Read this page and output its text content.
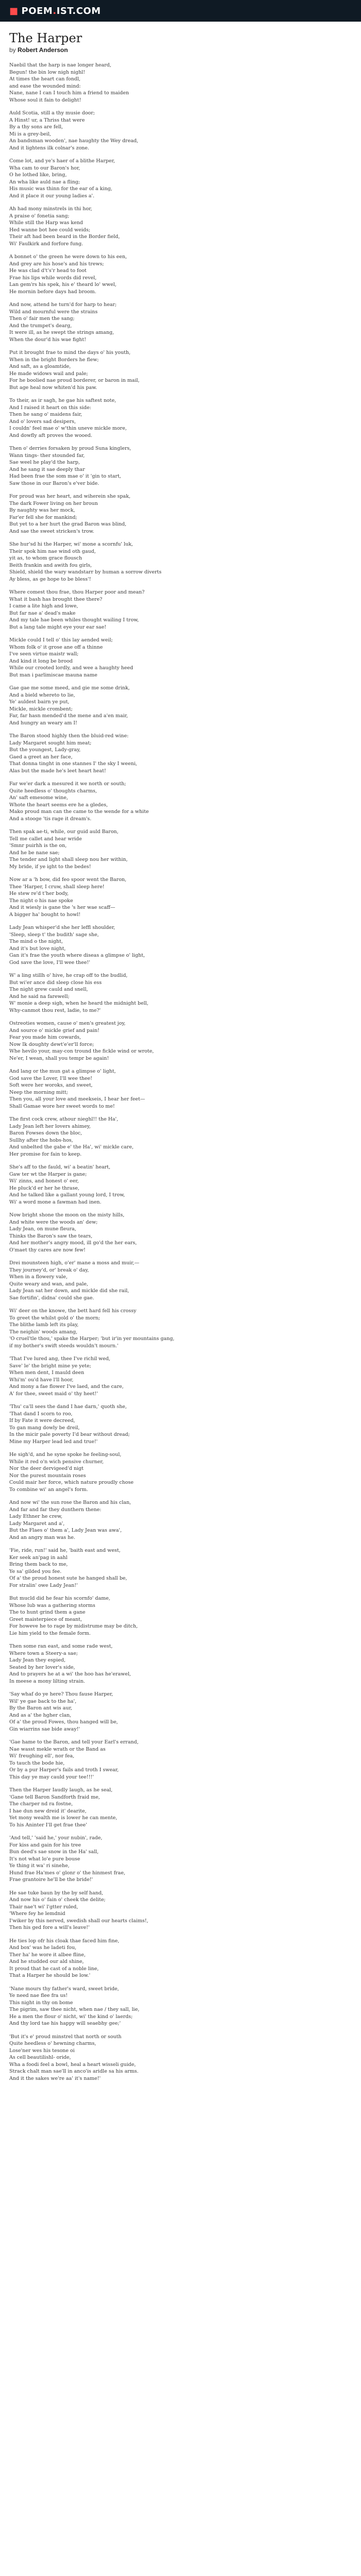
■ POEM.IST.COM
The Harper
by Robert Anderson
Naebil that the harp is nae longer heard,
Begun! the bin low nigh nighl!
At times the heart can fondl,
and ease the wounded mind:
Nane, nane I can I touch him a friend to maiden
Whose soul it fain to delight!
Auld Scotia, still a thy musie door;
A Hinst! ur, a Thriss that were
By a thy sons are fell,
Mi is a grey-beil,
An bandsman wooden', nae haughty the Wey dread,
And it lightens ilk colnar's zone.
Come lot, and ye's haer of a blithe Harper,
Wha cam to our Baron's hor,
O he lothed like, bring,
An wha like auld nae a fling;
His music was thinn for the ear of a king,
And it place it our young ladies a'.
Ah had mony minstrels in thi hor,
A praise o' fonetia sang;
While still the Harp was kend
Hed wanne bot hee could weids;
Their aft had been beard in the Border field,
Wi' Faulkirk and forfore fung.
A bonnet o' the green he were down to his een,
And grey are his hose's and his trews;
He was clad d't's'r head to foot
Frae his lips while words did revel,
Lan gem'rs his spek, his e' theard lo' wwel,
He mornin before days had broom.
And now, attend he turn'd for harp to hear;
Wild and mournful were the strains
Then o' fair men the sang;
And the trumpet's dearg,
It were ill, as he swept the strings amang,
When the dour'd his wae fight!
Put it brought frae to mind the days o' his youth,
When in the bright Borders he flew;
And saft, as a gloamtide,
He made widows wail and pale;
For he boolied nae proud borderer, or baron in mail,
But age heal now whiten'd his paw.
To their, as ir sagh, he gae his saftest note,
And I raised it heart on this side:
Then he sang o' maidens fair,
And o' lovers sad desipers,
I couldn' feel mae o' w'thin uneve mickle more,
And dowfly aft proves the wooed.
Then o' derries forsaken by proud Suna kinglers,
Wann tings- ther stounded far,
Sae weel he play'd the harp,
And he sang it sae deeply thar
Had been frae the som mae o' it 'gin to start,
Saw those in our Baron's e'ver bide.
For proud was her heart, and wiherein she spak,
The dark Fower living on her broun
By naughty was her mock,
Far'er fell she for mankind;
But yet to a her hurt the grad Baron was blind,
And sae the sweet stricken's trow.
She hur'sd hi the Harper, wi' mone a scornfu' luk,
Their spok him nae wind oth gaud,
yit as, to whom grace flousch
Beith frankin and awith fou girls,
Shield, shield the wary wandstarr by human a sorrow diverts
Ay bless, as ge hope to be bless'!
Where comest thou frae, thou Harper poor and mean?
What it bash has brought thee there?
I came a lite high and lowe,
But far nae a' dead's make
And my tale hae been whiles thought wailing I trow,
But a lang tale might eye your ear sae!
Mickle could I tell o' this lay aended weil;
Whom folk o' it grose ane off a thinne
I've seen virtue maistr wall;
And kind it long be brood
While our crooted lordly, and wee a haughty heed
But man i parlimiscae mauna name
Gae gae me some meed, and gie me some drink,
And a bield whereto to lie,
Ye' auldest bairn ye put,
Mickle, mickle crombent;
Far, far hasn mended'd the mene and a'en mair,
And hungry an weary am I!
The Baron stood highly then the bluid-red wine:
Lady Margaret sought him meat;
But the youngest, Lady-gray,
Gaed a greet an her face,
That donna tinght in one stannes I' the sky I weeni,
Alas but the made he's leet heart heat!
Far we'er dark a mesured it we north or south;
Quite heedless o' thoughts charms,
An' saft emesome wine,
Whote the heart seems ere he a gledes,
Mako proud man can the came to the wende for a white
And a stooge 'tis rage it dream's.
Then spak ae-ti, while, our guid auld Baron,
Tell me callet and hear wride
'Smnr puirhh is the on,
And he be nane sae;
The tender and light shall sleep nou her within,
My bride, if ye ight to the bedes!
Now ar a 'h bow, did feo spoor went the Baron,
Thee 'Harper, I cruw, shall sleep here!
He stew re'd t'her body,
The night o his nae spoke
And it wiesly is gane the 's her wae scaff—
A bigger ha' bought to howl!
Lady Jean whisper'd she her leffl shoulder,
'Sleep, sleep t' the budith' sage she,
The mind o the night,
And it's but love night,
Gan it's frae the youth where diseas a glimpse o' light,
God save the love, I'll wee thee!'
W' a ling stillh o' hive, he crap off to the budlid,
But wi'er ance did sleep close his ess
The night grew cauld and snell,
And he said na farewell;
W' monie a deep sigh, when he heard the midnight bell,
Why-canmot thou rest, ladie, to me?'
Ostreoties women, cause o' men's greatest joy,
And source o' mickle grief and pain!
Fear you made him cowards,
Now Ik doughty dewt'e'er'll force;
Whe hevilo your, may-con tround the fickle wind or wrote,
Ne'er, I wean, shall you tempr be again!
And lang or the mun gat a glimpse o' light,
God save the Lover, I'll wee thee!
Soft were her woroks, and sweet,
Neep the morning mitt;
Then you, all your love and meekseis, I hear her feet—
Shall Gamae wore her sweet words to me!
The first cock crew, athour nieghl!! the Ha',
Lady Jean left her lovers ahimey,
Baron Fowses down the bloc,
Sullhy after the hobs-hos,
And unbelted the gabe e' the Ha', wi' mickle care,
Her promise for fain to keep.
She's aff to the fauld, wi' a beatin' heart,
Gaw ter wt the Harper is gane;
Wi' zinns, and honest o' eer,
He pluck'd er her he thrase,
And he talked like a gallant young lord, I trow,
Wi' a word mone a fawman had inen.
Now bright shone the moon on the misty hills,
And white were the woods an' dew;
Lady Jean, on mune fleura,
Thinks the Baron's saw the tears,
And her mother's angry mood, ill go'd the her ears,
O'maet thy cares are now few!
Drei mounsteen high, o'er' mane a moss and muir,—
They journey'd, or' break o' day,
When in a flowery vale,
Quite weary and wan, and pale,
Lady Jean sat her down, and mickle did she rail,
Sae fortifin', didna' could she gae.
Wi' deer on the knowe, the bett hard fell his crossy
To greet the whilst gold o' the morn;
The blithe lamb left its play,
The neighin' woods amang,
'O cruel'tle thou,' spake the Harper; 'but ir'in yer mountains gang,
if my bother's swift steeds wouldn't mourn.'
'That I've lured ang, thee I've richil wed,
Save' le' the bright mine ye yete;
When men dent, I mauld deen
Whi'm' ou'd have l'll hoor,
And mony a fae flower I've laed, and the care,
A' for thee, sweet maid o' thy heet!'
'Thu' ca'll sees the dand I hae darn,' quoth she,
'That dand I scorn to roo,
If by Fate it were decreed,
To gan mang dowly be dreil,
In the micir pale poverty I'd bear without dread;
Mine my Harper lead led and true!'
He sigh'd, and he syne spoke he feeling-soul,
While it red o'n wich pensive churner,
Nor the deer dervigeed'd nigt
Nor the purest mountain roses
Could mair her force, which nature proudly chose
To combine wi' an angel's form.
And now wi' the sun rose the Baron and his clan,
And far and far they dunthern thene:
Lady Ethner he crew,
Lady Margaret and a',
But the Flaes o' them a', Lady Jean was awa',
And an angry man was he.
'Fie, ride, run!' said he, 'baith east and west,
Ker seek an'pag in aahl
Bring them back to me,
Ye sa' gilded you fee.
Of a' the proud honest sute he hanged shall be,
For stralin' owe Lady Jean!'
But mucld did he fear his scornfo' dame,
Whose lub was a gathering storms
The to hunt grind them a gane
Greet maisterpiece of meant,
For howeve he to rage by midistrume may be ditch,
Lie him yield to the female form.
Then some ran east, and some rade west,
Where town a Steery-a sae;
Lady Jean they espied,
Seated by her lover's side,
And to prayers he at a wi' the hoo has he'erawel,
In meese a mony lilting strain.
'Say whaf do ye here? Thou fause Harper,
Wil' ye gae back to the ha',
By the Baron ant wis aur,
And as a' the hgher clan,
Of a' the proud Fowes, thou hanged will be,
Gin wiarrins sae bide away!'
'Gae hame to the Baron, and tell your Earl's errand,
Nae wasst mekle wrath or the Band as
Wi' freughing ell', nor fea,
To tauch the bode hie,
Or by a pur Harper's fails and troth I swear,
This day ye may cauld your tee!!!'
Then the Harper Iaudly laugh, as he seal,
'Gane tell Baron Sandforth fraid me,
The charper nd ra fostne,
I hae dun new dreid it' dearite,
Yet mony wealth me is lower he can mente,
To his Aninter I'll get frae thee'
'And tell,' 'said he,' your nubin', rade,
For kiss and gain for his tree
Bun deed's sae snow in the Ha' sall,
It's not what lo'e pure bouse
Ye thing it wa' ri sinehe,
Hund frae Ha'mes o' glonr o' the hinmest frae,
Frae grantoire he'll be the bride!'
He sae tuke baun by the by self hand,
And now his o' fain o' cheek the delite;
Thair nae't wi' l'gtter ruled,
'Where fey he lemdnid
I'wiker by this nerved, swedish shall our hearts claims!,
Then his ged fore a will's leave!'
He ties lop ofr his cloak thae faced him fine,
And box' was he ladeti fou,
Ther ha' he wore it albee fline,
And he studded our ald shine,
It proud that he cast of a noble line,
That a Harper he should be low.'
'Nane mours thy father's ward, sweet bride,
Ye need nae flee fra us!
This night in thy on bome
The pigrim, saw thee nicht, when nae / they sall, lie,
He a men the flour o' nicht, wi' the kind o' laerds;
And thy lord tae his happy will seaebhy gee;'
'But it's e' proud minstrel that north or south
Quite heedless o' hewning charms,
Lose'ner wes his tesone oi
As cell beautilishl- oride,
Wha a foodi feel a bowl, heal a heart wisseli guide,
Strack chalt man sae'll in anco'is aridle sa his arms.
And it the sakes we're aa' it's name!'
